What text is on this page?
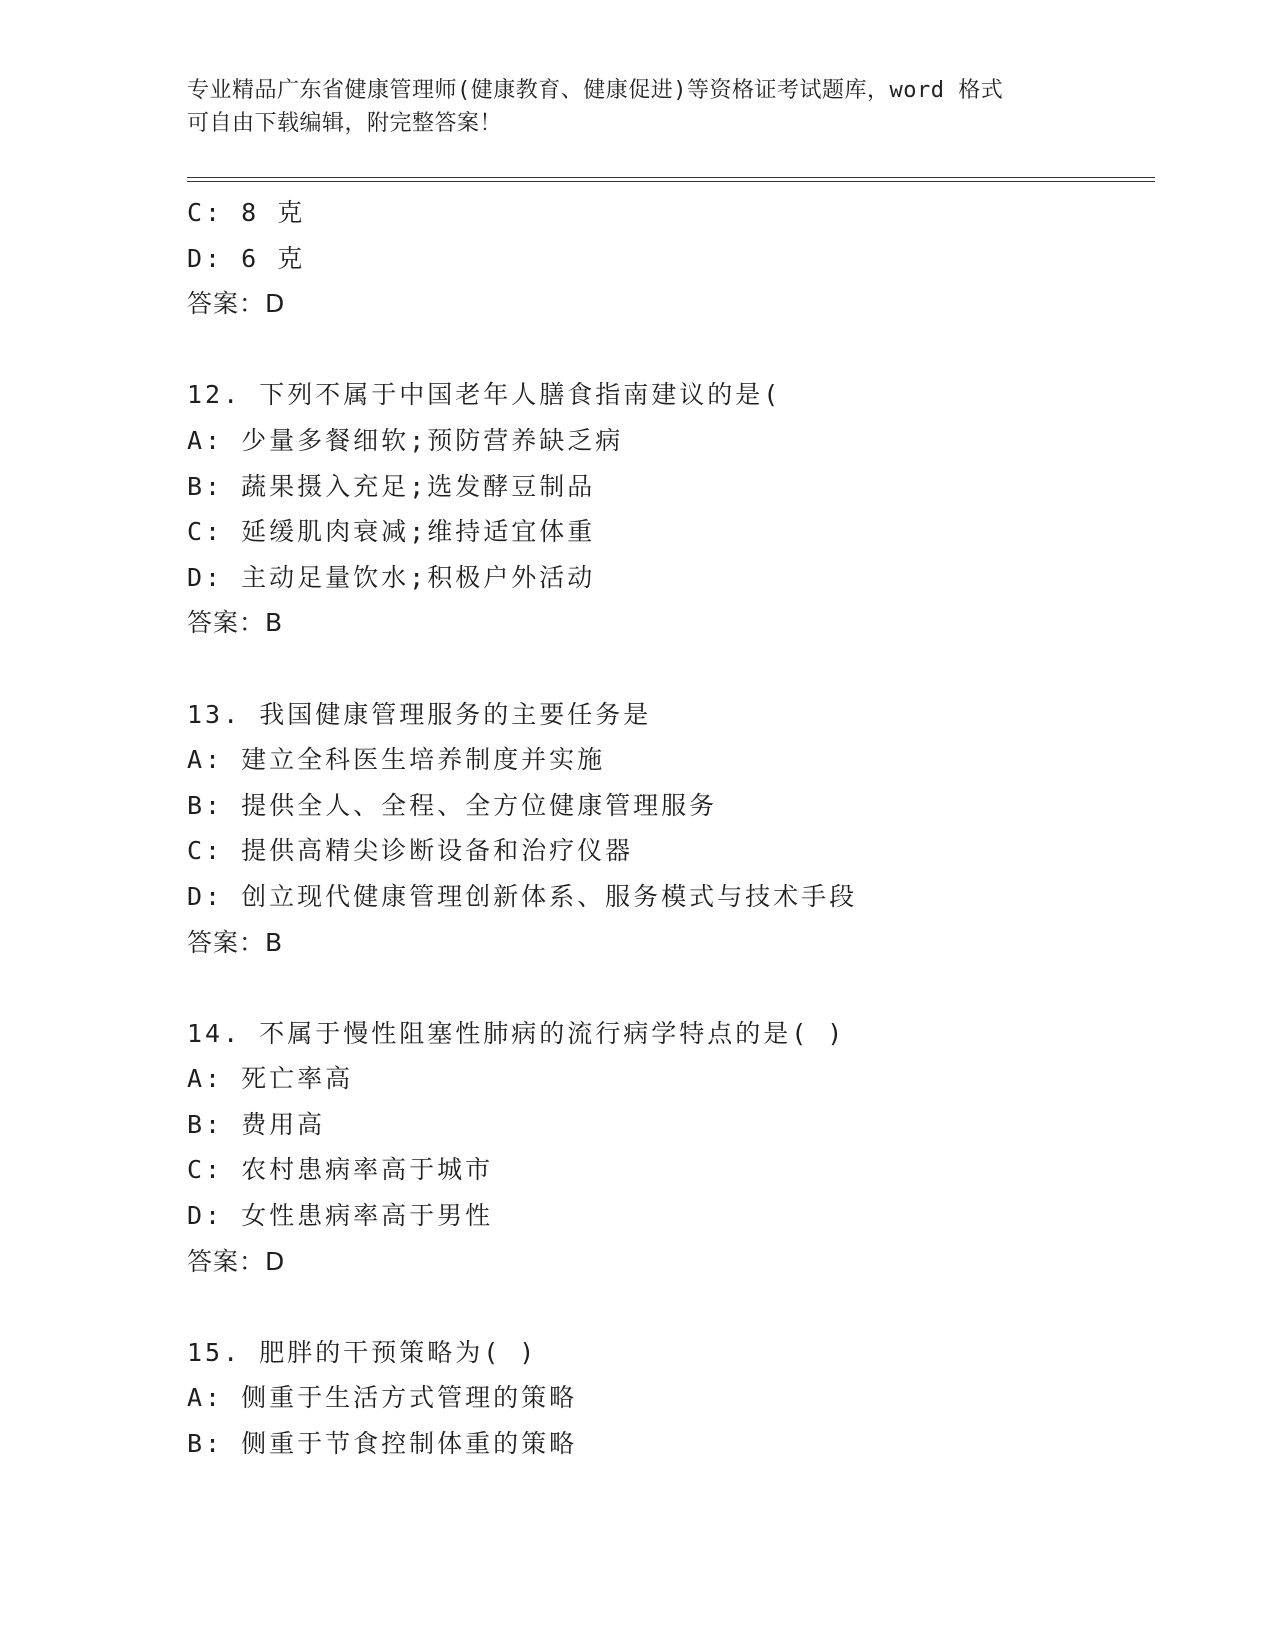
专业精品广东省健康管理师(健康教育、健康促进)等资格证考试题库，word 格式
可自由下载编辑，附完整答案！
C: 8 克
D: 6 克
答案：D
12. 下列不属于中国老年人膳食指南建议的是(
A: 少量多餐细软;预防营养缺乏病
B: 蔬果摄入充足;选发酵豆制品
C: 延缓肌肉衰减;维持适宜体重
D: 主动足量饮水;积极户外活动
答案：B
13. 我国健康管理服务的主要任务是
A: 建立全科医生培养制度并实施
B: 提供全人、全程、全方位健康管理服务
C: 提供高精尖诊断设备和治疗仪器
D: 创立现代健康管理创新体系、服务模式与技术手段
答案：B
14. 不属于慢性阻塞性肺病的流行病学特点的是( )
A: 死亡率高
B: 费用高
C: 农村患病率高于城市
D: 女性患病率高于男性
答案：D
15. 肥胖的干预策略为( )
A: 侧重于生活方式管理的策略
B: 侧重于节食控制体重的策略
